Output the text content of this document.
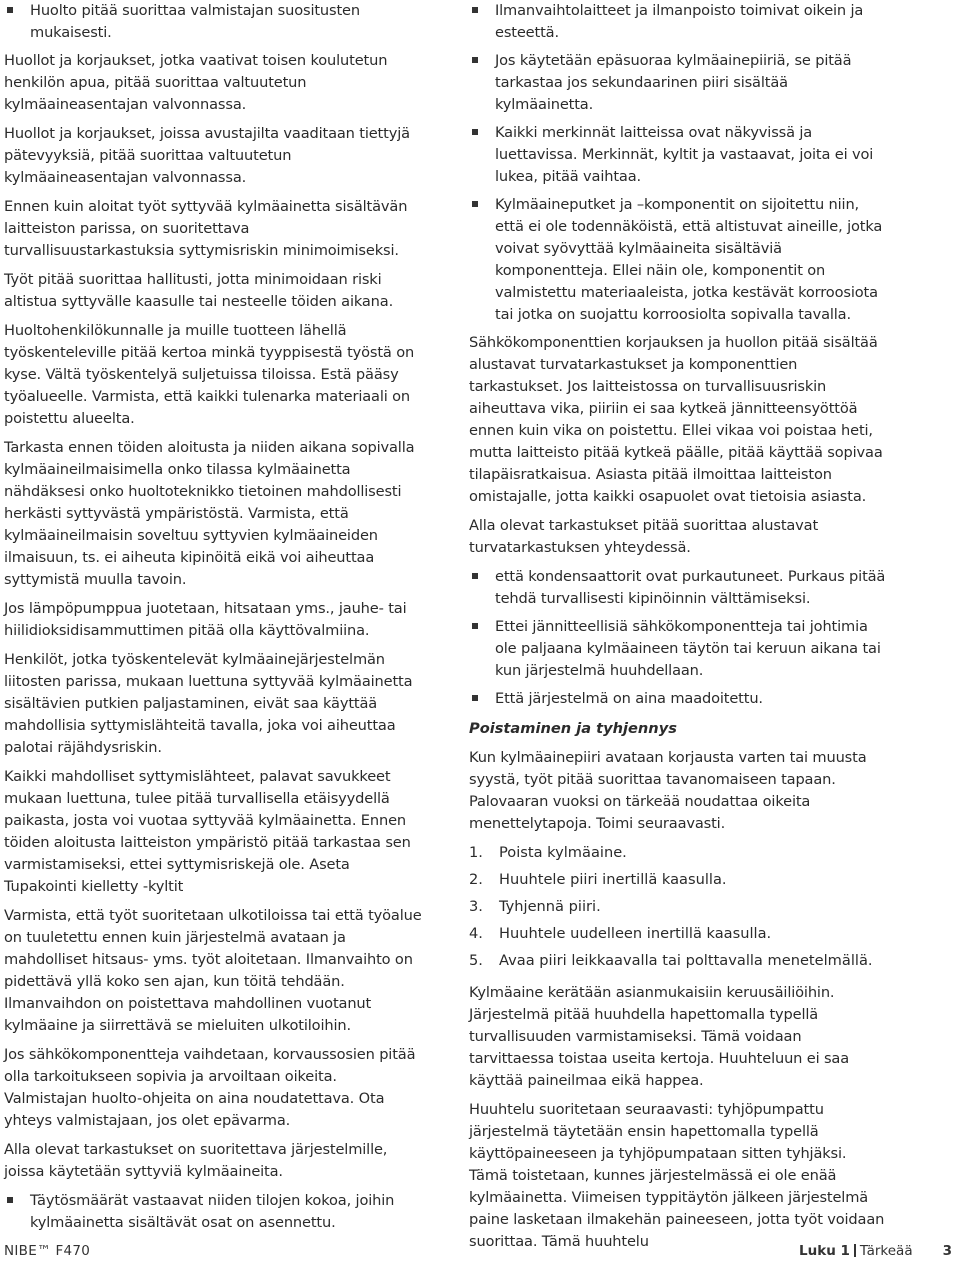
Huolto pitää suorittaa valmistajan suositusten mukaisesti.

Huollot ja korjaukset, jotka vaativat toisen koulutetun henkilön apua, pitää suorittaa valtuutetun kylmäaineasentajan valvonnassa.

Huollot ja korjaukset, joissa avustajilta vaaditaan tiettyjä pätevyyksiä, pitää suorittaa valtuutetun kylmäaineasentajan valvonnassa.

Ennen kuin aloitat työt syttyvää kylmäainetta sisältävän laitteiston parissa, on suoritettava turvallisuustarkastuksia syttymisriskin minimoimiseksi.

Työt pitää suorittaa hallitusti, jotta minimoidaan riski altistua syttyvälle kaasulle tai nesteelle töiden aikana.

Huoltohenkilökunnalle ja muille tuotteen lähellä työskenteleville pitää kertoa minkä tyyppisestä työstä on kyse. Vältä työskentelyä suljetuissa tiloissa. Estä pääsy työalueelle. Varmista, että kaikki tulenarka materiaali on poistettu alueelta.

Tarkasta ennen töiden aloitusta ja niiden aikana sopivalla kylmäaineilmaisimella onko tilassa kylmäainetta nähdäksesi onko huoltoteknikko tietoinen mahdollisesti herkästi syttyvästä ympäristöstä. Varmista, että kylmäaineilmaisin soveltuu syttyvien kylmäaineiden ilmaisuun, ts. ei aiheuta kipinöitä eikä voi aiheuttaa syttymistä muulla tavoin.

Jos lämpöpumppua juotetaan, hitsataan yms., jauhe- tai hiilidioksidisammuttimen pitää olla käyttövalmiina.

Henkilöt, jotka työskentelevät kylmäainejärjestelmän liitosten parissa, mukaan luettuna syttyvää kylmäainetta sisältävien putkien paljastaminen, eivät saa käyttää mahdollisia syttymislähteitä tavalla, joka voi aiheuttaa palotai räjähdysriskin.

Kaikki mahdolliset syttymislähteet, palavat savukkeet mukaan luettuna, tulee pitää turvallisella etäisyydellä paikasta, josta voi vuotaa syttyvää kylmäainetta. Ennen töiden aloitusta laitteiston ympäristö pitää tarkastaa sen varmistamiseksi, ettei syttymisriskejä ole. Aseta Tupakointi kielletty -kyltit

Varmista, että työt suoritetaan ulkotiloissa tai että työalue on tuuletettu ennen kuin järjestelmä avataan ja mahdolliset hitsaus- yms. työt aloitetaan. Ilmanvaihto on pidettävä yllä koko sen ajan, kun töitä tehdään. Ilmanvaihdon on poistettava mahdollinen vuotanut kylmäaine ja siirrettävä se mieluiten ulkotiloihin.

Jos sähkökomponentteja vaihdetaan, korvaussosien pitää olla tarkoitukseen sopivia ja arvoiltaan oikeita. Valmistajan huolto-ohjeita on aina noudatettava. Ota yhteys valmistajaan, jos olet epävarma.

Alla olevat tarkastukset on suoritettava järjestelmille, joissa käytetään syttyviä kylmäaineita.

Täytösmäärät vastaavat niiden tilojen kokoa, joihin kylmäainetta sisältävät osat on asennettu.
Ilmanvaihtolaitteet ja ilmanpoisto toimivat oikein ja esteettä.
Jos käytetään epäsuoraa kylmäainepiiriä, se pitää tarkastaa jos sekundaarinen piiri sisältää kylmäainetta.
Kaikki merkinnät laitteissa ovat näkyvissä ja luettavissa. Merkinnät, kyltit ja vastaavat, joita ei voi lukea, pitää vaihtaa.
Kylmäaineputket ja –komponentit on sijoitettu niin, että ei ole todennäköistä, että altistuvat aineille, jotka voivat syövyttää kylmäaineita sisältäviä komponentteja. Ellei näin ole, komponentit on valmistettu materiaaleista, jotka kestävät korroosiota tai jotka on suojattu korroosiolta sopivalla tavalla.

Sähkökomponenttien korjauksen ja huollon pitää sisältää alustavat turvatarkastukset ja komponenttien tarkastukset. Jos laitteistossa on turvallisuusriskin aiheuttava vika, piiriin ei saa kytkeä jännitteensyöttöä ennen kuin vika on poistettu. Ellei vikaa voi poistaa heti, mutta laitteisto pitää kytkeä päälle, pitää käyttää sopivaa tilapäisratkaisua. Asiasta pitää ilmoittaa laitteiston omistajalle, jotta kaikki osapuolet ovat tietoisia asiasta.

Alla olevat tarkastukset pitää suorittaa alustavat turvatarkastuksen yhteydessä.

että kondensaattorit ovat purkautuneet. Purkaus pitää tehdä turvallisesti kipinöinnin välttämiseksi.
Ettei jännitteellisiä sähkökomponentteja tai johtimia ole paljaana kylmäaineen täytön tai keruun aikana tai kun järjestelmä huuhdellaan.
Että järjestelmä on aina maadoitettu.
Poistaminen ja tyhjennys

Kun kylmäainepiiri avataan korjausta varten tai muusta syystä, työt pitää suorittaa tavanomaiseen tapaan. Palovaaran vuoksi on tärkeää noudattaa oikeita menettelytapoja. Toimi seuraavasti.

1. Poista kylmäaine.
2. Huuhtele piiri inertillä kaasulla.
3. Tyhjennä piiri.
4. Huuhtele uudelleen inertillä kaasulla.
5. Avaa piiri leikkaavalla tai polttavalla menetelmällä.

Kylmäaine kerätään asianmukaisiin keruusäiliöihin. Järjestelmä pitää huuhdella hapettomalla typellä turvallisuuden varmistamiseksi. Tämä voidaan tarvittaessa toistaa useita kertoja. Huuhteluun ei saa käyttää paineilmaa eikä happea.

Huuhtelu suoritetaan seuraavasti: tyhjöpumpattu järjestelmä täytetään ensin hapettomalla typellä käyttöpaineeseen ja tyhjöpumpataan sitten tyhjäksi. Tämä toistetaan, kunnes järjestelmässä ei ole enää kylmäainetta. Viimeisen typpitäytön jälkeen järjestelmä paine lasketaan ilmakehän paineeseen, jotta työt voidaan suorittaa. Tämä huuhtelu

NIBE™ F470	Luku 1 Tärkeää 3
